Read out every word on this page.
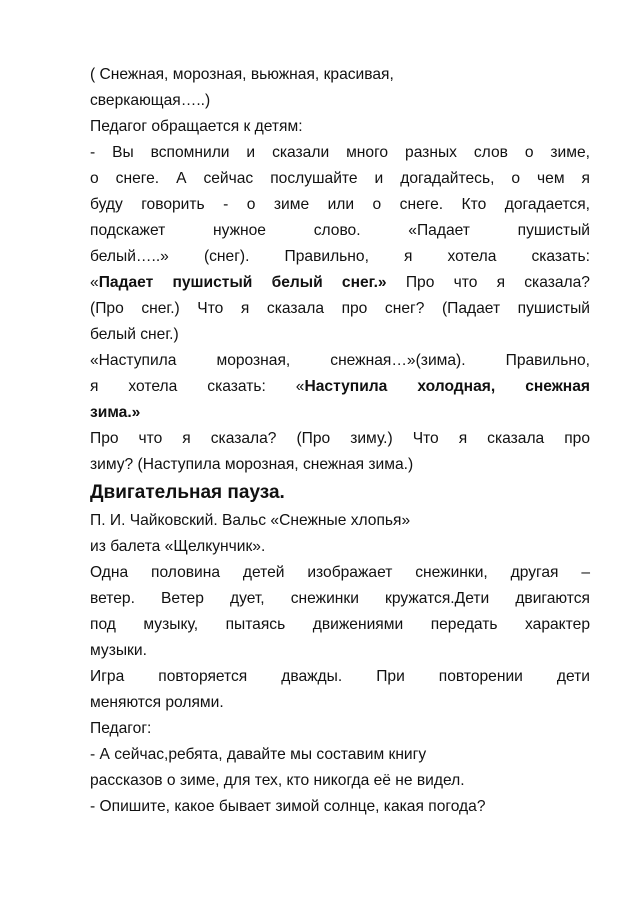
( Снежная, морозная, вьюжная, красивая,
сверкающая…..)
Педагог обращается к детям:
- Вы вспомнили и сказали много разных слов о зиме,
о снеге. А сейчас послушайте и догадайтесь, о чем я
буду говорить - о зиме или о снеге. Кто догадается,
подскажет нужное слово. «Падает пушистый
белый…..» (снег). Правильно, я хотела сказать:
«Падает пушистый белый снег.» Про что я сказала?
(Про снег.) Что я сказала про снег? (Падает пушистый
белый снег.)
«Наступила морозная, снежная…»(зима). Правильно,
я хотела сказать: «Наступила холодная, снежная
зима.»
Про что я сказала? (Про зиму.) Что я сказала про
зиму? (Наступила морозная, снежная зима.)
Двигательная пауза.
П. И. Чайковский. Вальс «Снежные хлопья»
из балета «Щелкунчик».
Одна половина детей изображает снежинки, другая –
ветер. Ветер дует, снежинки кружатся.Дети двигаются
под музыку, пытаясь движениями передать характер
музыки.
Игра повторяется дважды. При повторении дети
меняются ролями.
Педагог:
- А сейчас,ребята, давайте мы составим книгу
рассказов о зиме, для тех, кто никогда её не видел.
- Опишите, какое бывает зимой солнце, какая погода?
